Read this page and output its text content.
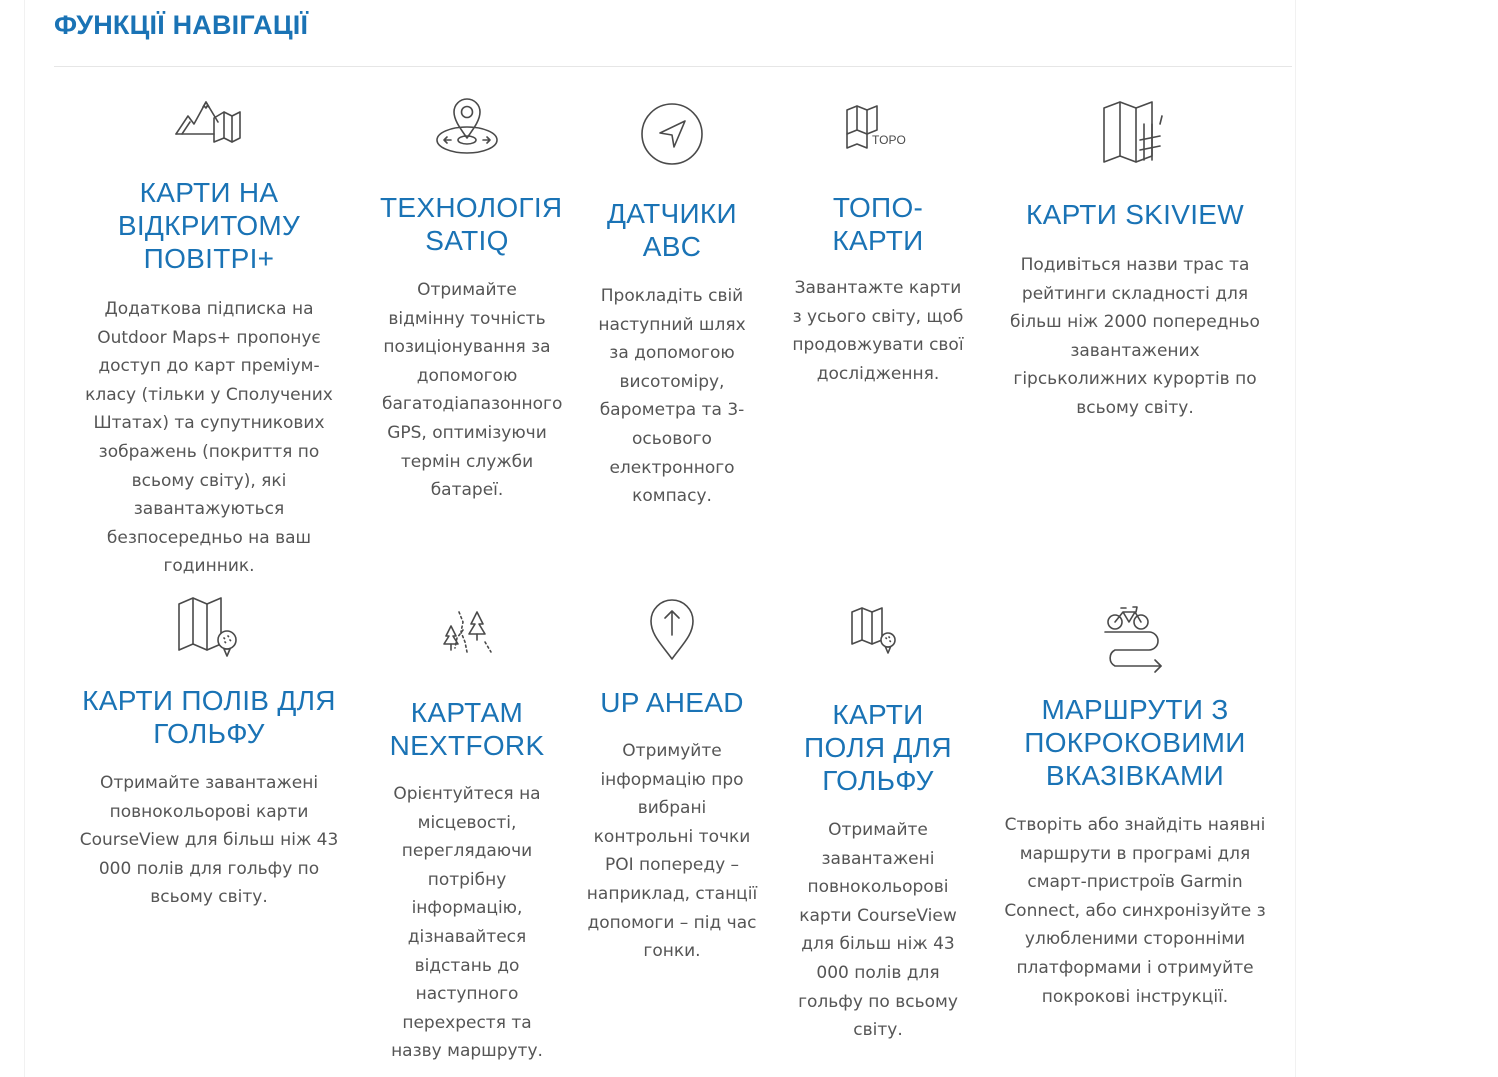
ФУНКЦІЇ НАВІГАЦІЇ
КАРТИ НА ВІДКРИТОМУ ПОВІТРІ+

Додаткова підписка на Outdoor Maps+ пропонує доступ до карт преміум-класу (тільки у Сполучених Штатах) та супутникових зображень (покриття по всьому світу), які завантажуються безпосередньо на ваш годинник.

ТЕХНОЛОГІЯ SATIQ

Отримайте відмінну точність позиціонування за допомогою багатодіапазонного GPS, оптимізуючи термін служби батареї.

ДАТЧИКИ ABC

Прокладіть свій наступний шлях за допомогою висотоміру, барометра та 3-осьового електронного компасу.

TOPO
ТОПО-КАРТИ

Завантажте карти з усього світу, щоб продовжувати свої дослідження.

КАРТИ SKIVIEW

Подивіться назви трас та рейтинги складності для більш ніж 2000 попередньо завантажених гірськолижних курортів по всьому світу.

КАРТИ ПОЛІВ ДЛЯ ГОЛЬФУ

Отримайте завантажені повнокольорові карти CourseView для більш ніж 43 000 полів для гольфу по всьому світу.

КАРТАМ NEXTFORK

Орієнтуйтеся на місцевості, переглядаючи потрібну інформацію, дізнавайтеся відстань до наступного перехрестя та назву маршруту.

UP AHEAD

Отримуйте інформацію про вибрані контрольні точки POI попереду – наприклад, станції допомоги – під час гонки.

КАРТИ ПОЛЯ ДЛЯ ГОЛЬФУ

Отримайте завантажені повнокольорові карти CourseView для більш ніж 43 000 полів для гольфу по всьому світу.

МАРШРУТИ З ПОКРОКОВИМИ ВКАЗІВКАМИ

Створіть або знайдіть наявні маршрути в програмі для смарт-пристроїв Garmin Connect, або синхронізуйте з улюбленими сторонніми платформами і отримуйте покрокові інструкції.
